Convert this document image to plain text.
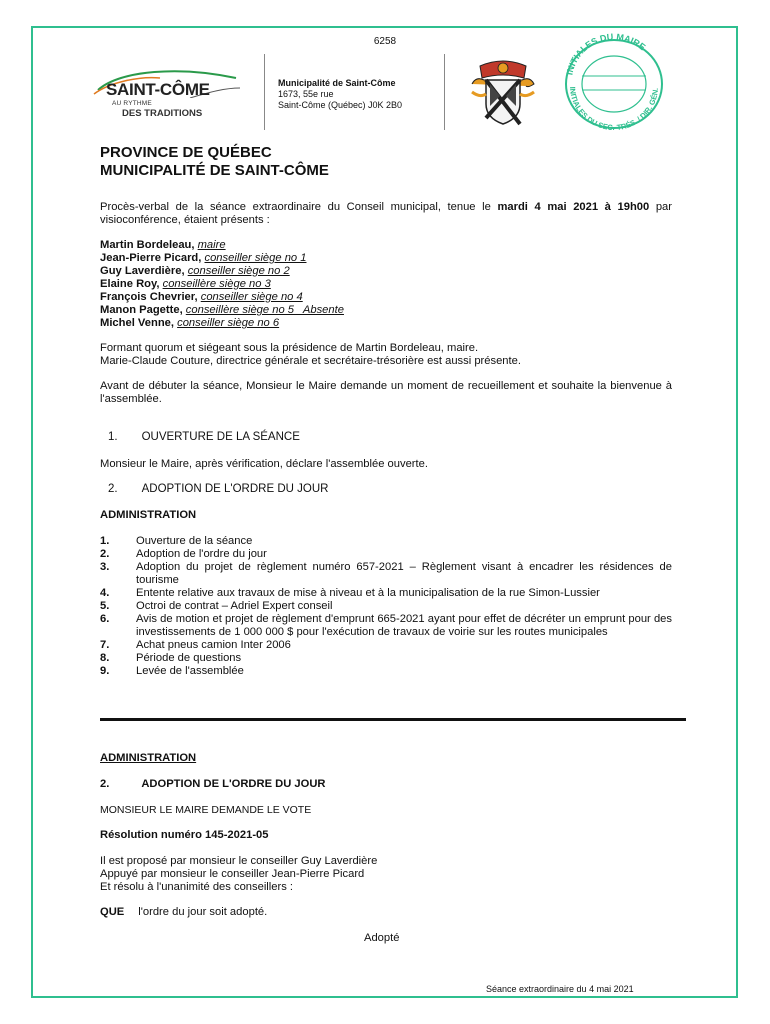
6258
SAINT-CÔME
AU RYTHME
DES TRADITIONS
Municipalité de Saint-Côme
1673, 55e rue
Saint-Côme (Québec) J0K 2B0
INITIALES DU MAIRE
INITIALES DU SEC.-TRÉS. / DIR. GÉN.
PROVINCE DE QUÉBEC
MUNICIPALITÉ DE SAINT-CÔME
Procès-verbal de la séance extraordinaire du Conseil municipal, tenue le mardi 4 mai 2021 à 19h00 par visioconférence, étaient présents :
Martin Bordeleau, maire
Jean-Pierre Picard, conseiller siège no 1
Guy Laverdière, conseiller siège no 2
Elaine Roy, conseillère siège no 3
François Chevrier, conseiller siège no 4
Manon Pagette, conseillère siège no 5   Absente
Michel Venne, conseiller siège no 6
Formant quorum et siégeant sous la présidence de Martin Bordeleau, maire.
Marie-Claude Couture, directrice générale et secrétaire-trésorière est aussi présente.
Avant de débuter la séance, Monsieur le Maire demande un moment de recueillement et souhaite la bienvenue à l'assemblée.
1. OUVERTURE DE LA SÉANCE
Monsieur le Maire, après vérification, déclare l'assemblée ouverte.
2. ADOPTION DE L'ORDRE DU JOUR
ADMINISTRATION
1. Ouverture de la séance
2. Adoption de l'ordre du jour
3. Adoption du projet de règlement numéro 657-2021 – Règlement visant à encadrer les résidences de tourisme
4. Entente relative aux travaux de mise à niveau et à la municipalisation de la rue Simon-Lussier
5. Octroi de contrat – Adriel Expert conseil
6. Avis de motion et projet de règlement d'emprunt 665-2021 ayant pour effet de décréter un emprunt pour des investissements de 1 000 000 $ pour l'exécution de travaux de voirie sur les routes municipales
7. Achat pneus camion Inter 2006
8. Période de questions
9. Levée de l'assemblée
ADMINISTRATION
2.	ADOPTION DE L'ORDRE DU JOUR
MONSIEUR LE MAIRE DEMANDE LE VOTE
Résolution numéro 145-2021-05
Il est proposé par monsieur le conseiller Guy Laverdière
Appuyé par monsieur le conseiller Jean-Pierre Picard
Et résolu à l'unanimité des conseillers :
QUE l'ordre du jour soit adopté.
Adopté
Séance extraordinaire du 4 mai 2021
